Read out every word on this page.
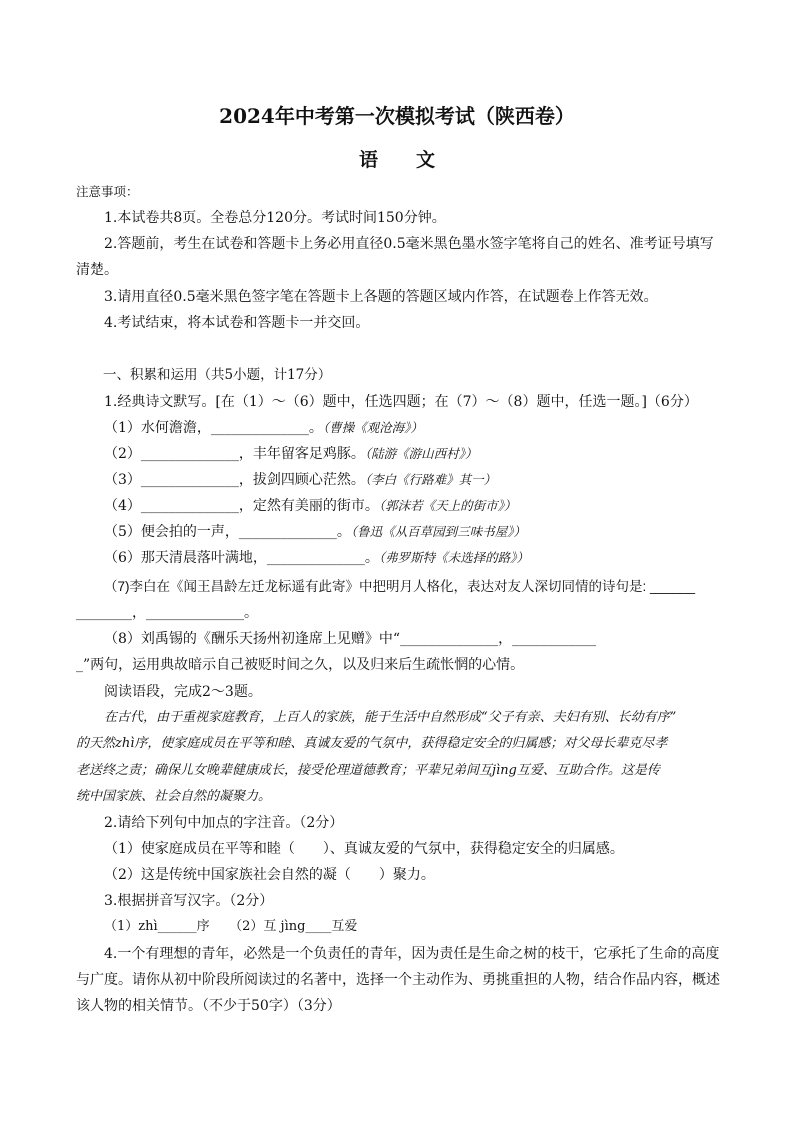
2024年中考第一次模拟考试（陕西卷）
语　　文
注意事项：
1.本试卷共8页。全卷总分120分。考试时间150分钟。
2.答题前，考生在试卷和答题卡上务必用直径0.5毫米黑色墨水签字笔将自己的姓名、准考证号填写
清楚。
3.请用直径0.5毫米黑色签字笔在答题卡上各题的答题区域内作答，在试题卷上作答无效。
4.考试结束，将本试卷和答题卡一并交回。
一、积累和运用（共5小题，计17分）
1.经典诗文默写。[在（1）～（6）题中，任选四题；在（7）～（8）题中，任选一题。]（6分）
（1）水何澹澹，______________。（曹操《观沧海》）
（2）______________，丰年留客足鸡豚。（陆游《游山西村》）
（3）______________，拔剑四顾心茫然。（李白《行路难》其一）
（4）______________，定然有美丽的街市。（郭沫若《天上的街市》）
（5）便会拍的一声，______________。（鲁迅《从百草园到三味书屋》）
（6）那天清晨落叶满地，______________。（弗罗斯特《未选择的路》）
（7)李白在《闻王昌龄左迁龙标遥有此寄》中把明月人格化，表达对友人深切同情的诗句是: ______
________，______________。
（8）刘禹锡的《酬乐天扬州初逢席上见赠》中“______________，____________
_”两句，运用典故暗示自己被贬时间之久，以及归来后生疏怅惘的心情。
阅读语段，完成2～3题。
在古代，由于重视家庭教育，上百人的家族，能于生活中自然形成“父子有亲、夫妇有别、长幼有序”
的天然zhì序，使家庭成员在平等和睦、真诚友爱的气氛中，获得稳定安全的归属感；对父母长辈克尽孝
老送终之责；确保儿女晚辈健康成长，接受伦理道德教育；平辈兄弟间互jìng互爱、互助合作。这是传
统中国家族、社会自然的凝聚力。
2.请给下列句中加点的字注音。（2分）
（1）使家庭成员在平等和睦（　　）、真诚友爱的气氛中，获得稳定安全的归属感。
（2）这是传统中国家族社会自然的凝（　　）聚力。
3.根据拼音写汉字。（2分）
（1）zhì______序　　（2）互 jìng____互爱
4.一个有理想的青年，必然是一个负责任的青年，因为责任是生命之树的枝干，它承托了生命的高度
与广度。请你从初中阶段所阅读过的名著中，选择一个主动作为、勇挑重担的人物，结合作品内容，概述
该人物的相关情节。（不少于50字）（3分）
